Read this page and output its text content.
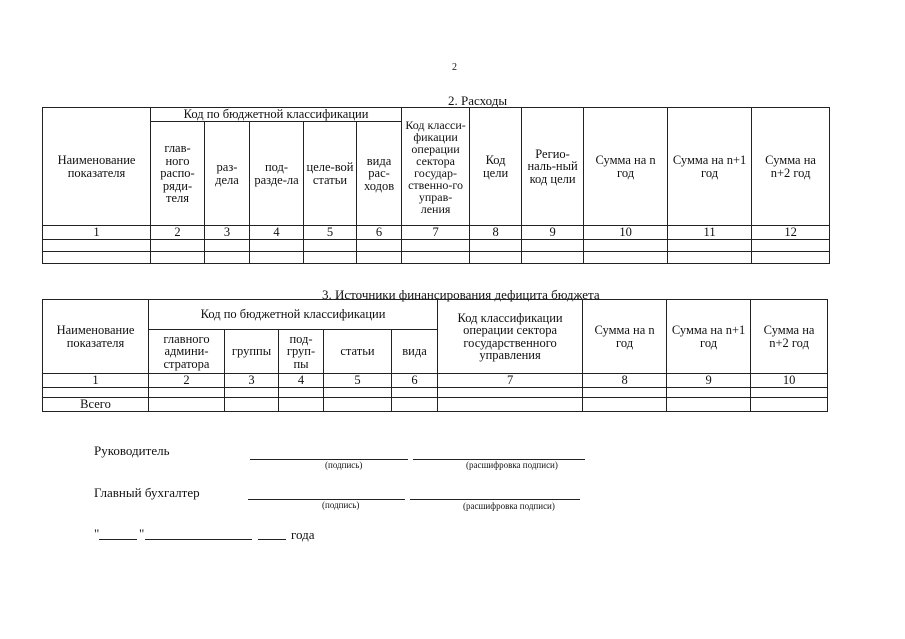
2
2. Расходы
Наименование показателя	Код по бюджетной классификации					Код класси-фикации операции сектора государ-ственно-го управ-ления	Код цели	Регио-наль-ный код цели	Сумма на n год	Сумма на n+1 год	Сумма на n+2 год
	глав-ного распо-ряди-теля	раз-дела	под-разде-ла	целе-вой статьи	вида рас-ходов						
1	2	3	4	5	6	7	8	9	10	11	12

3. Источники финансирования дефицита бюджета
Наименование показателя	Код по бюджетной классификации					Код классификации операции сектора государственного управления	Сумма на n год	Сумма на n+1 год	Сумма на n+2 год
	главного админи-стратора	группы	под-груп-пы	статьи	вида				
1	2	3	4	5	6	7	8	9	10

Всего									
Руководитель
(подпись)	(расшифровка подписи)
Главный бухгалтер
(подпись)	(расшифровка подписи)
"	"	года
